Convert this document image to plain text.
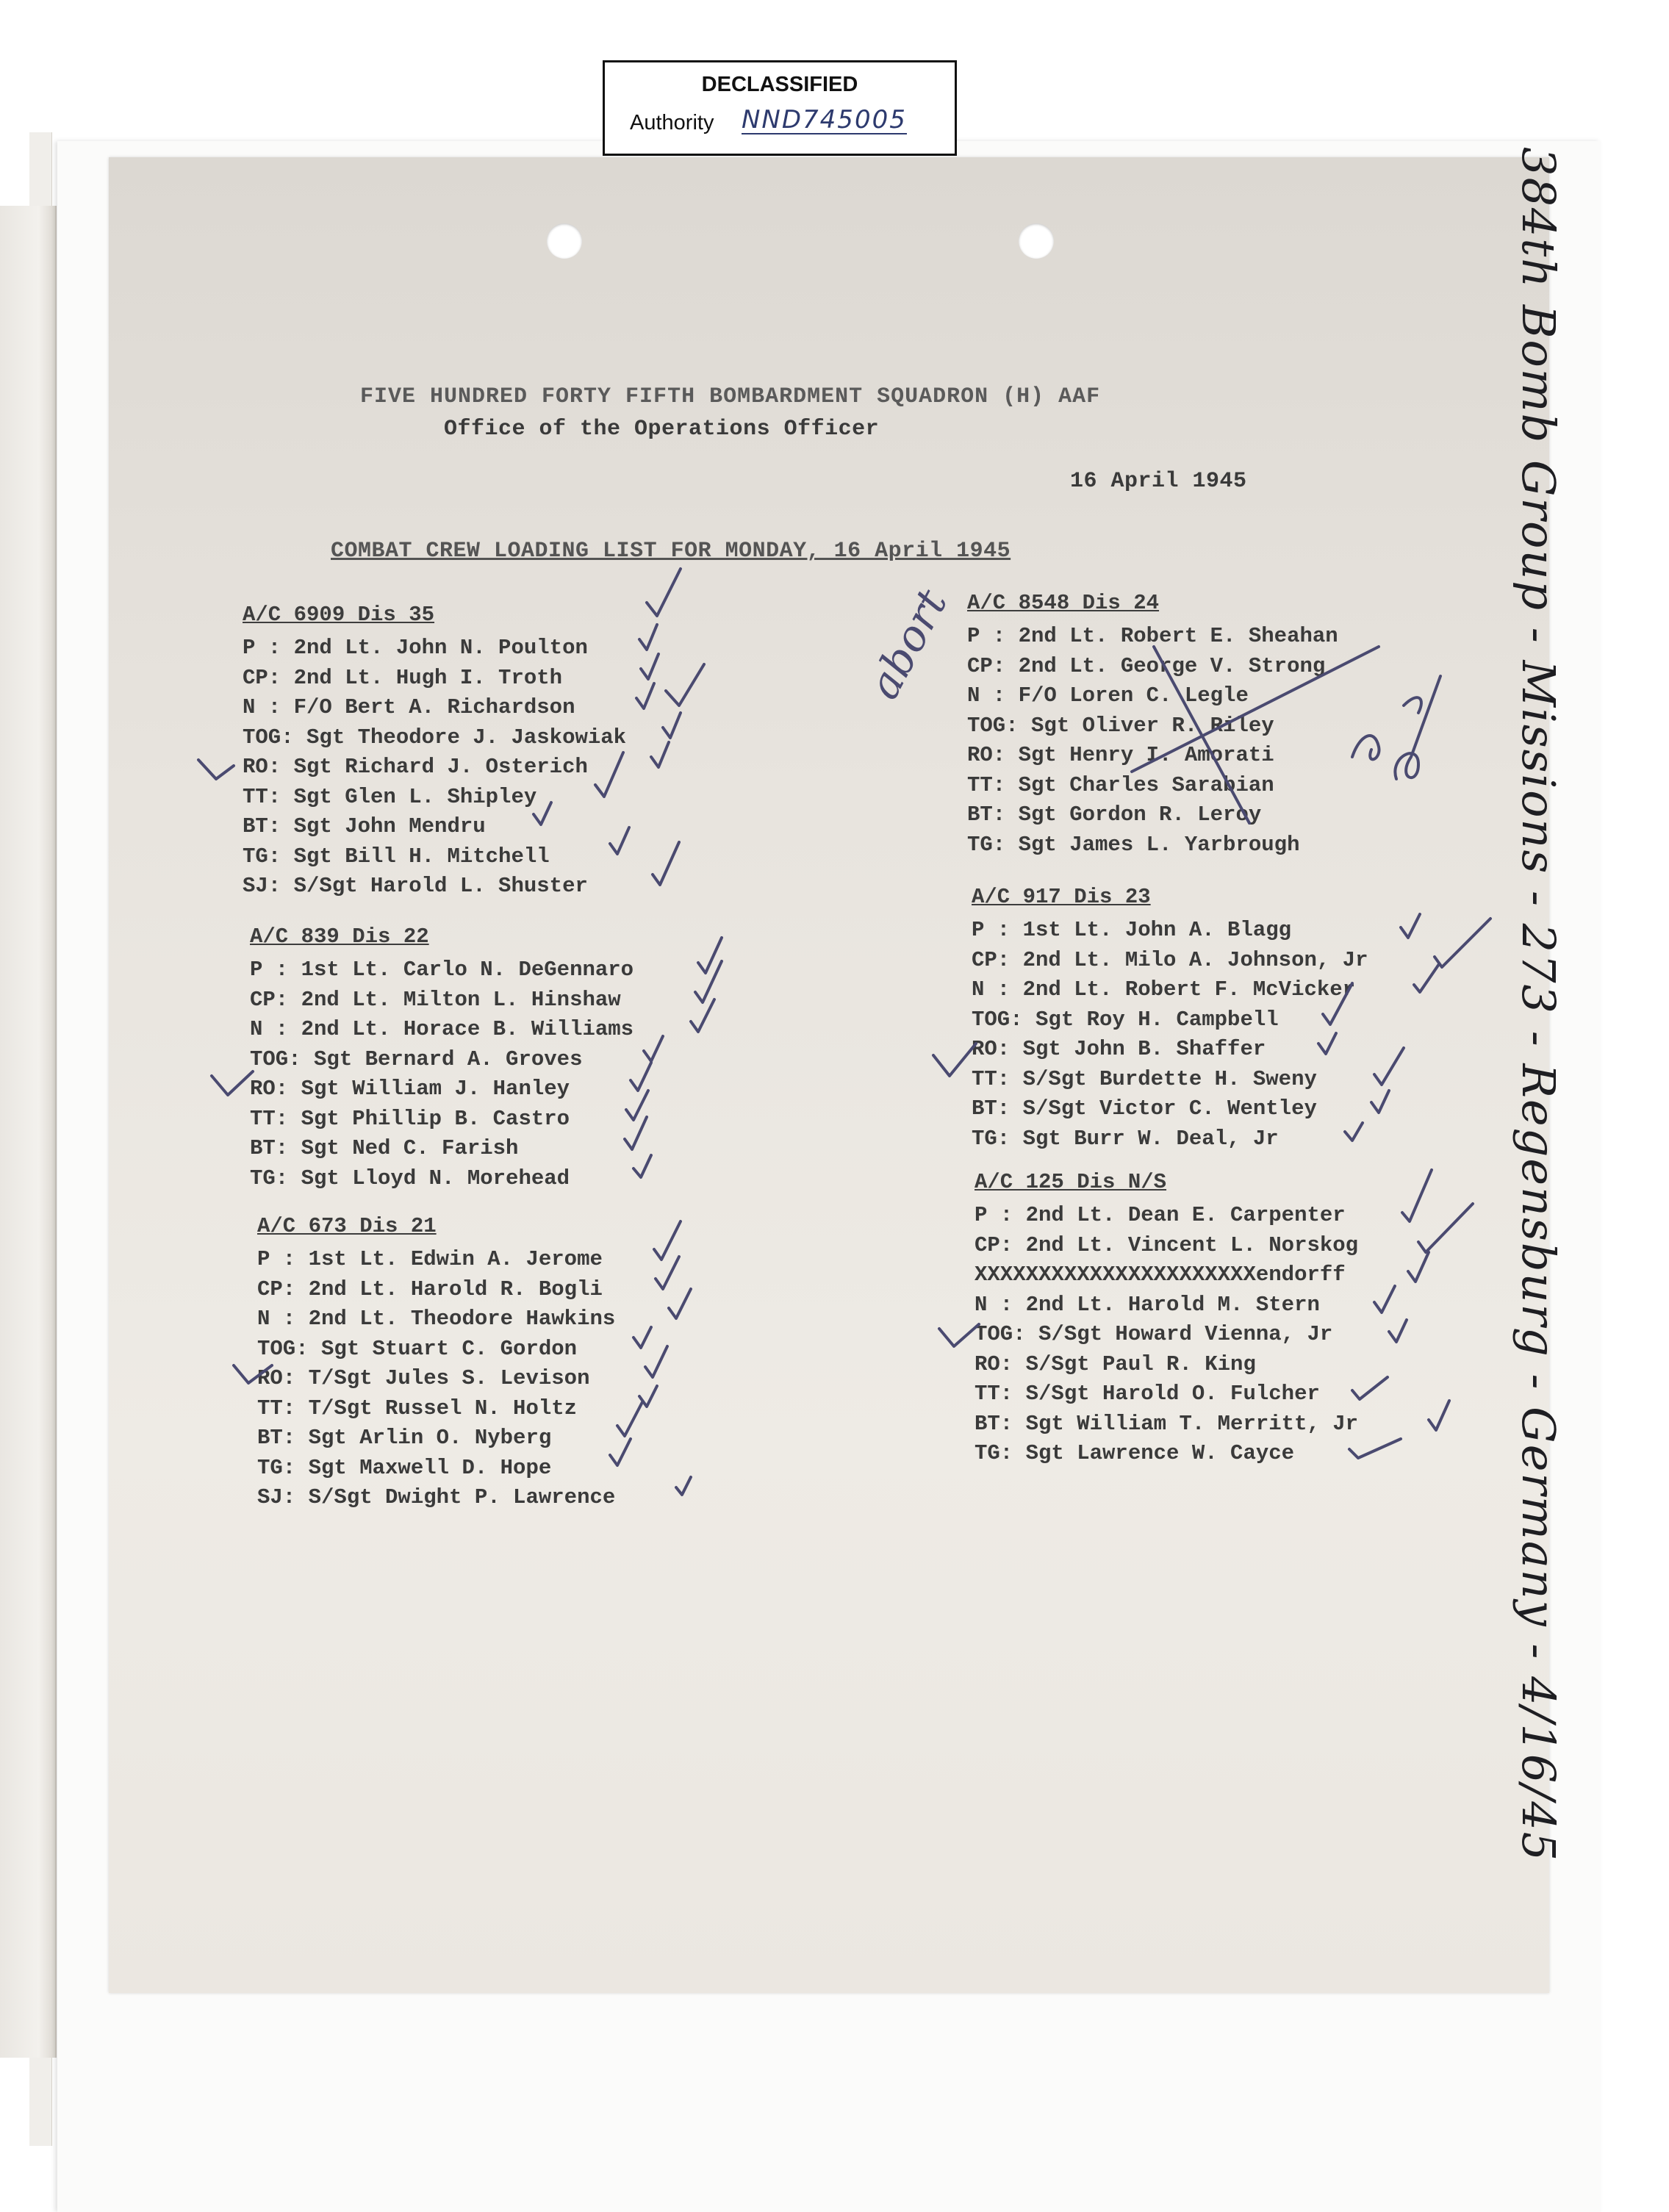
DECLASSIFIED
Authority NND745005
FIVE HUNDRED FORTY FIFTH BOMBARDMENT SQUADRON (H) AAF
Office of the Operations Officer
16 April 1945
COMBAT CREW LOADING LIST FOR MONDAY, 16 April 1945
A/C 6909 Dis 35
P : 2nd Lt. John N. Poulton
CP: 2nd Lt. Hugh I. Troth
N : F/O Bert A. Richardson
TOG: Sgt Theodore J. Jaskowiak
RO: Sgt Richard J. Osterich
TT: Sgt Glen L. Shipley
BT: Sgt John Mendru
TG: Sgt Bill H. Mitchell
SJ: S/Sgt Harold L. Shuster
A/C 839 Dis 22
P : 1st Lt. Carlo N. DeGennaro
CP: 2nd Lt. Milton L. Hinshaw
N : 2nd Lt. Horace B. Williams
TOG: Sgt Bernard A. Groves
RO: Sgt William J. Hanley
TT: Sgt Phillip B. Castro
BT: Sgt Ned C. Farish
TG: Sgt Lloyd N. Morehead
A/C 673 Dis 21
P : 1st Lt. Edwin A. Jerome
CP: 2nd Lt. Harold R. Bogli
N : 2nd Lt. Theodore Hawkins
TOG: Sgt Stuart C. Gordon
RO: T/Sgt Jules S. Levison
TT: T/Sgt Russel N. Holtz
BT: Sgt Arlin O. Nyberg
TG: Sgt Maxwell D. Hope
SJ: S/Sgt Dwight P. Lawrence
A/C 8548 Dis 24
P : 2nd Lt. Robert E. Sheahan
CP: 2nd Lt. George V. Strong
N : F/O Loren C. Legle
TOG: Sgt Oliver R. Riley
RO: Sgt Henry I. Amorati
TT: Sgt Charles Sarabian
BT: Sgt Gordon R. Leroy
TG: Sgt James L. Yarbrough
A/C 917 Dis 23
P : 1st Lt. John A. Blagg
CP: 2nd Lt. Milo A. Johnson, Jr
N : 2nd Lt. Robert F. McVicker
TOG: Sgt Roy H. Campbell
RO: Sgt John B. Shaffer
TT: S/Sgt Burdette H. Sweny
BT: S/Sgt Victor C. Wentley
TG: Sgt Burr W. Deal, Jr
A/C 125 Dis N/S
P : 2nd Lt. Dean E. Carpenter
CP: 2nd Lt. Vincent L. Norskog
XXXXXXXXXXXXXXXXXXXXXXendorff
N : 2nd Lt. Harold M. Stern
TOG: S/Sgt Howard Vienna, Jr
RO: S/Sgt Paul R. King
TT: S/Sgt Harold O. Fulcher
BT: Sgt William T. Merritt, Jr
TG: Sgt Lawrence W. Cayce
abort	384th Bomb Group - Missions - 273 - Regensburg - Germany - 4/16/45
